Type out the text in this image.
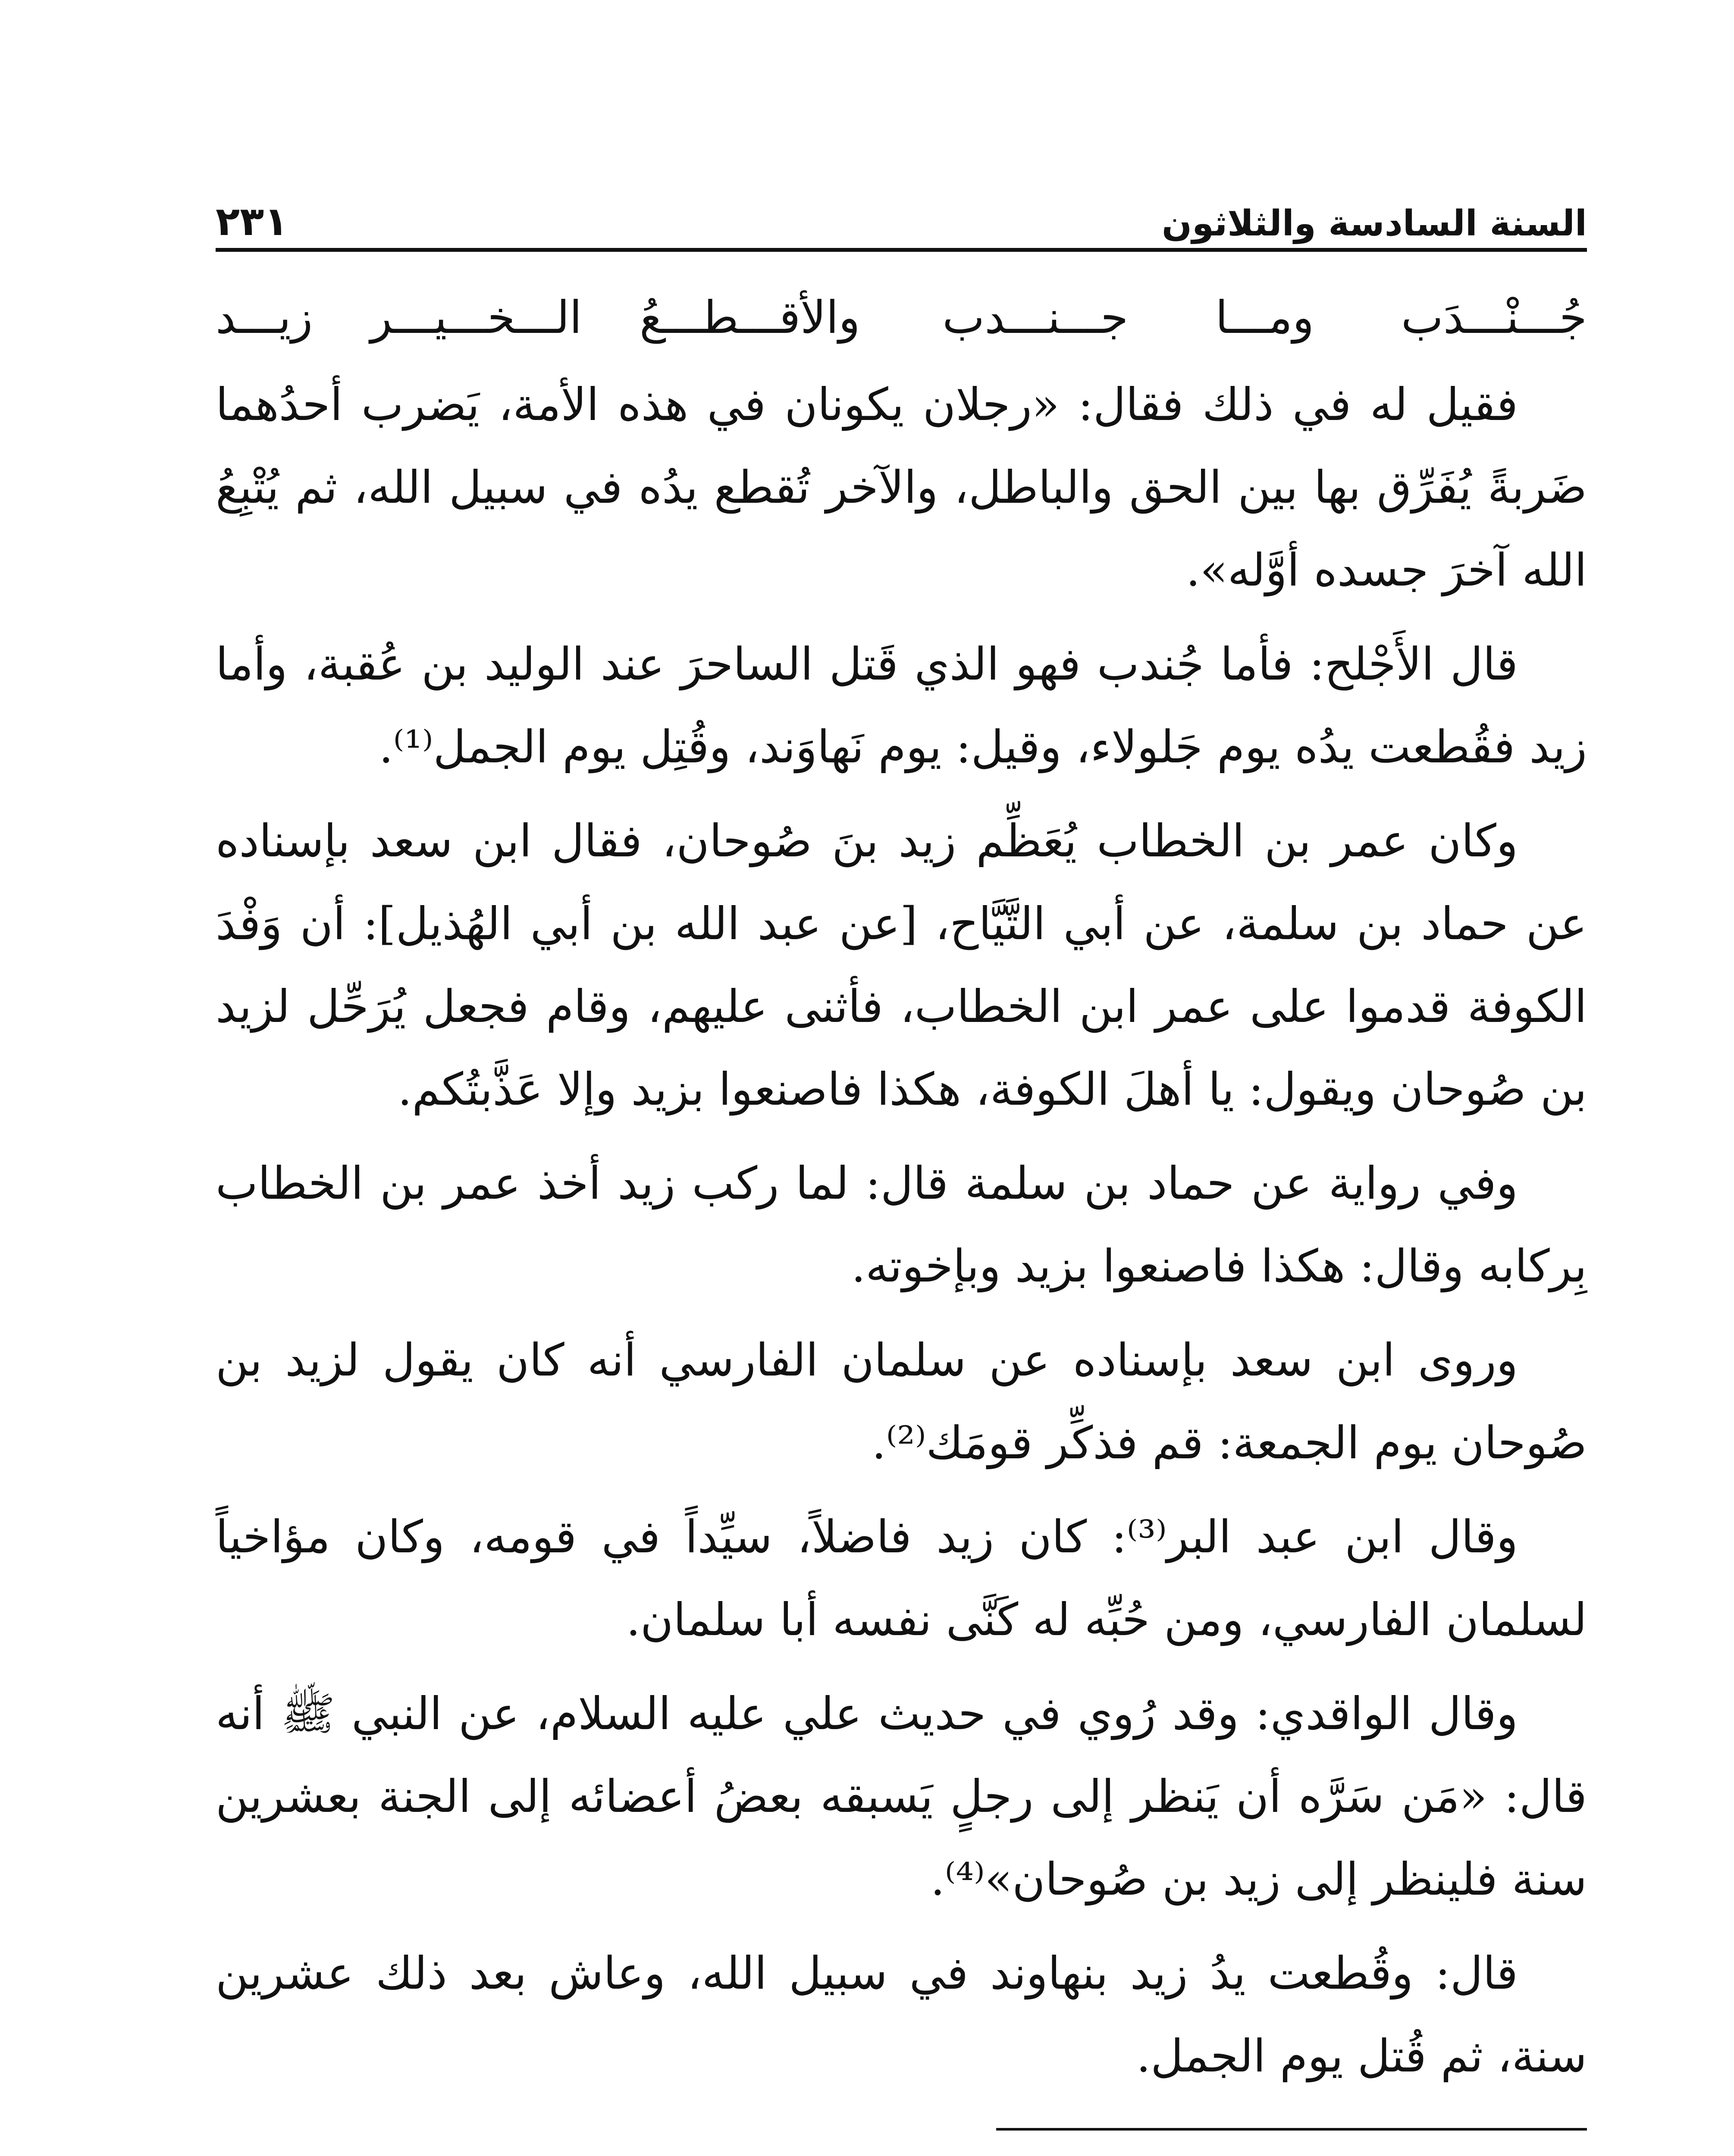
السنة السادسة والثلاثون
٢٣١
جُـــنْـــدَب ومـــا جـــنـــدب
والأقـــطـــعُ الـــخـــيـــر زيـــد

فقيل له في ذلك فقال: «رجلان يكونان في هذه الأمة، يَضرب أحدُهما ضَربةً يُفَرِّق بها بين الحق والباطل، والآخر تُقطع يدُه في سبيل الله، ثم يُتْبِعُ الله آخرَ جسده أوَّله».

قال الأَجْلح: فأما جُندب فهو الذي قَتل الساحرَ عند الوليد بن عُقبة، وأما زيد فقُطعت يدُه يوم جَلولاء، وقيل: يوم نَهاوَند، وقُتِل يوم الجمل⁽¹⁾.

وكان عمر بن الخطاب يُعَظِّم زيد بنَ صُوحان، فقال ابن سعد بإسناده عن حماد بن سلمة، عن أبي التَّيَّاح، [عن عبد الله بن أبي الهُذيل]: أن وَفْدَ الكوفة قدموا على عمر ابن الخطاب، فأثنى عليهم، وقام فجعل يُرَحِّل لزيد بن صُوحان ويقول: يا أهلَ الكوفة، هكذا فاصنعوا بزيد وإلا عَذَّبتُكم.

وفي رواية عن حماد بن سلمة قال: لما ركب زيد أخذ عمر بن الخطاب بِركابه وقال: هكذا فاصنعوا بزيد وبإخوته.

وروى ابن سعد بإسناده عن سلمان الفارسي أنه كان يقول لزيد بن صُوحان يوم الجمعة: قم فذكِّر قومَك⁽²⁾.

وقال ابن عبد البر⁽³⁾: كان زيد فاضلاً، سيِّداً في قومه، وكان مؤاخياً لسلمان الفارسي، ومن حُبِّه له كَنَّى نفسه أبا سلمان.

وقال الواقدي: وقد رُوي في حديث علي عليه السلام، عن النبي ﷺ أنه قال: «مَن سَرَّه أن يَنظر إلى رجلٍ يَسبقه بعضُ أعضائه إلى الجنة بعشرين سنة فلينظر إلى زيد بن صُوحان»⁽⁴⁾.

قال: وقُطعت يدُ زيد بنهاوند في سبيل الله، وعاش بعد ذلك عشرين سنة، ثم قُتل يوم الجمل.
